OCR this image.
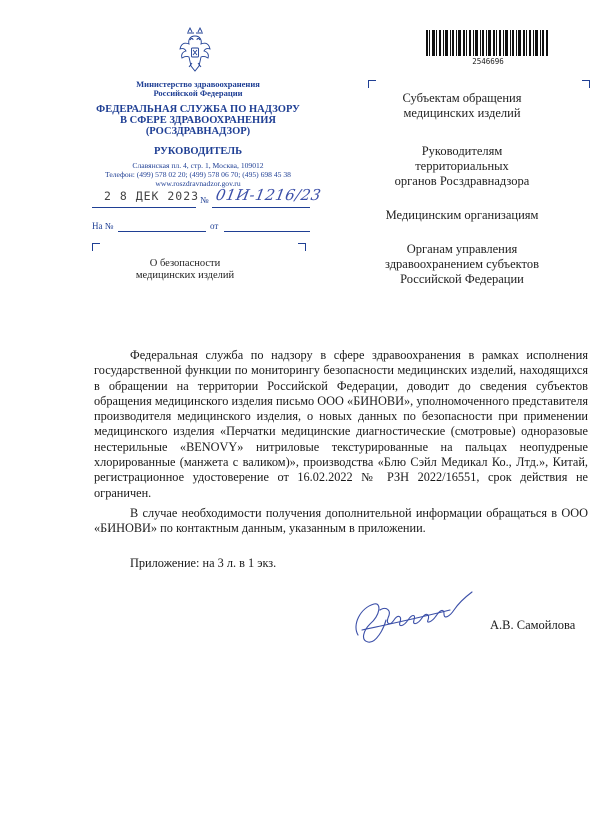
Министерство здравоохранения
Российской Федерации
ФЕДЕРАЛЬНАЯ СЛУЖБА ПО НАДЗОРУ
В СФЕРЕ ЗДРАВООХРАНЕНИЯ
(РОСЗДРАВНАДЗОР)
РУКОВОДИТЕЛЬ
Славянская пл. 4, стр. 1, Москва, 109012
Телефон: (499) 578 02 20; (499) 578 06 70; (495) 698 45 38
www.roszdravnadzor.gov.ru
2 8 ДЕК 2023 № 01И-1216/23
На №	от
О безопасности
медицинских изделий
2546696
Субъектам обращения
медицинских изделий
Руководителям
территориальных
органов Росздравнадзора
Медицинским организациям
Органам управления
здравоохранением субъектов
Российской Федерации
Федеральная служба по надзору в сфере здравоохранения в рамках исполнения государственной функции по мониторингу безопасности медицинских изделий, находящихся в обращении на территории Российской Федерации, доводит до сведения субъектов обращения медицинского изделия письмо ООО «БИНОВИ», уполномоченного представителя производителя медицинского изделия, о новых данных по безопасности при применении медицинского изделия «Перчатки медицинские диагностические (смотровые) одноразовые нестерильные «BENOVY» нитриловые текстурированные на пальцах неопудреные хлорированные (манжета с валиком)», производства «Блю Сэйл Медикал Ко., Лтд.», Китай, регистрационное удостоверение от 16.02.2022 № РЗН 2022/16551, срок действия не ограничен.
В случае необходимости получения дополнительной информации обращаться в ООО «БИНОВИ» по контактным данным, указанным в приложении.
Приложение: на 3 л. в 1 экз.
А.В. Самойлова
